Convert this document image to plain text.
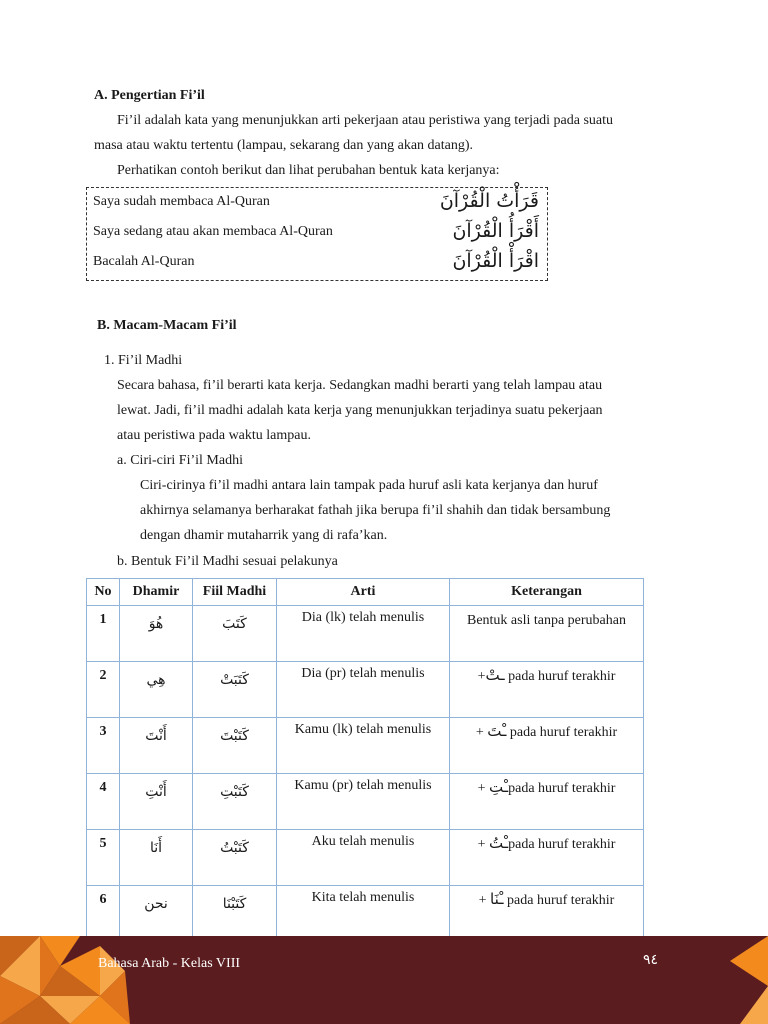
A. Pengertian Fi’il
Fi’il adalah kata yang menunjukkan arti pekerjaan atau peristiwa yang terjadi pada suatu
masa atau waktu tertentu (lampau, sekarang dan yang akan datang).
Perhatikan contoh berikut dan lihat perubahan bentuk kata kerjanya:
Saya sudah membaca Al-Quran	قَرَأْتُ الْقُرْآنَ
Saya sedang atau akan membaca Al-Quran	أَقْرَأُ الْقُرْآنَ
Bacalah Al-Quran	اقْرَأْ الْقُرْآنَ
B. Macam-Macam Fi’il
1. Fi’il Madhi
Secara bahasa, fi’il berarti kata kerja. Sedangkan madhi berarti yang telah lampau atau
lewat. Jadi, fi’il madhi adalah kata kerja yang menunjukkan terjadinya suatu pekerjaan
atau peristiwa pada waktu lampau.
a. Ciri-ciri Fi’il Madhi
Ciri-cirinya fi’il madhi antara lain tampak pada huruf asli kata kerjanya dan huruf
akhirnya selamanya berharakat fathah jika berupa fi’il shahih dan tidak bersambung
dengan dhamir mutaharrik yang di rafa’kan.
b. Bentuk Fi’il Madhi sesuai pelakunya
No	Dhamir	Fiil Madhi	Arti	Keterangan
1	هُوَ	كَتَبَ	Dia (lk) telah menulis	Bentuk asli tanpa perubahan
2	هِي	كَتَبَتْ	Dia (pr) telah menulis	+ـتْ pada huruf terakhir
3	أَنْتَ	كَتَبْتَ	Kamu (lk) telah menulis	+ ـْتَ pada huruf terakhir
4	أَنْتِ	كَتَبْتِ	Kamu (pr) telah menulis	+ ـْتِpada huruf terakhir
5	أَنَا	كَتَبْتُ	Aku telah menulis	+ ـْتُpada huruf terakhir
6	نحن	كَتَبْنَا	Kita telah menulis	+ ـْنَا pada huruf terakhir
Bahasa Arab - Kelas VIII	٩٤
